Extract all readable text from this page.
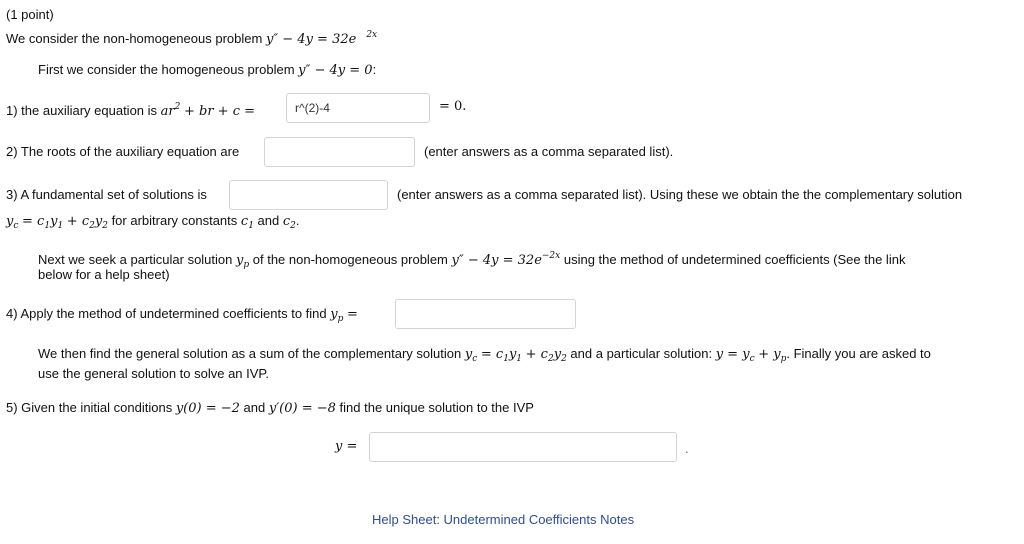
(1 point)
We consider the non-homogeneous problem y″ − 4y = 32e $^{2x}$
First we consider the homogeneous problem y″ − 4y = 0:
1) the auxiliary equation is $ar^2$ + br + c =
r^(2)-4	= 0.
2) The roots of the auxiliary equation are	(enter answers as a comma separated list).
3) A fundamental set of solutions is	(enter answers as a comma separated list). Using these we obtain the the complementary solution
$y_c = c_1y_1 + c_2y_2$ for arbitrary constants $c_1$ and $c_2$.
Next we seek a particular solution $y_p$ of the non-homogeneous problem $y'' - 4y = 32e^{-2x}$ using the method of undetermined coefficients (See the link
below for a help sheet)
4) Apply the method of undetermined coefficients to find $y_p$ =
We then find the general solution as a sum of the complementary solution $y_c = c_1y_1 + c_2y_2$ and a particular solution: $y = y_c + y_p$. Finally you are asked to
use the general solution to solve an IVP.
5) Given the initial conditions y(0) = −2 and y′(0) = −8 find the unique solution to the IVP
y =	.
Help Sheet: Undetermined Coefficients Notes
